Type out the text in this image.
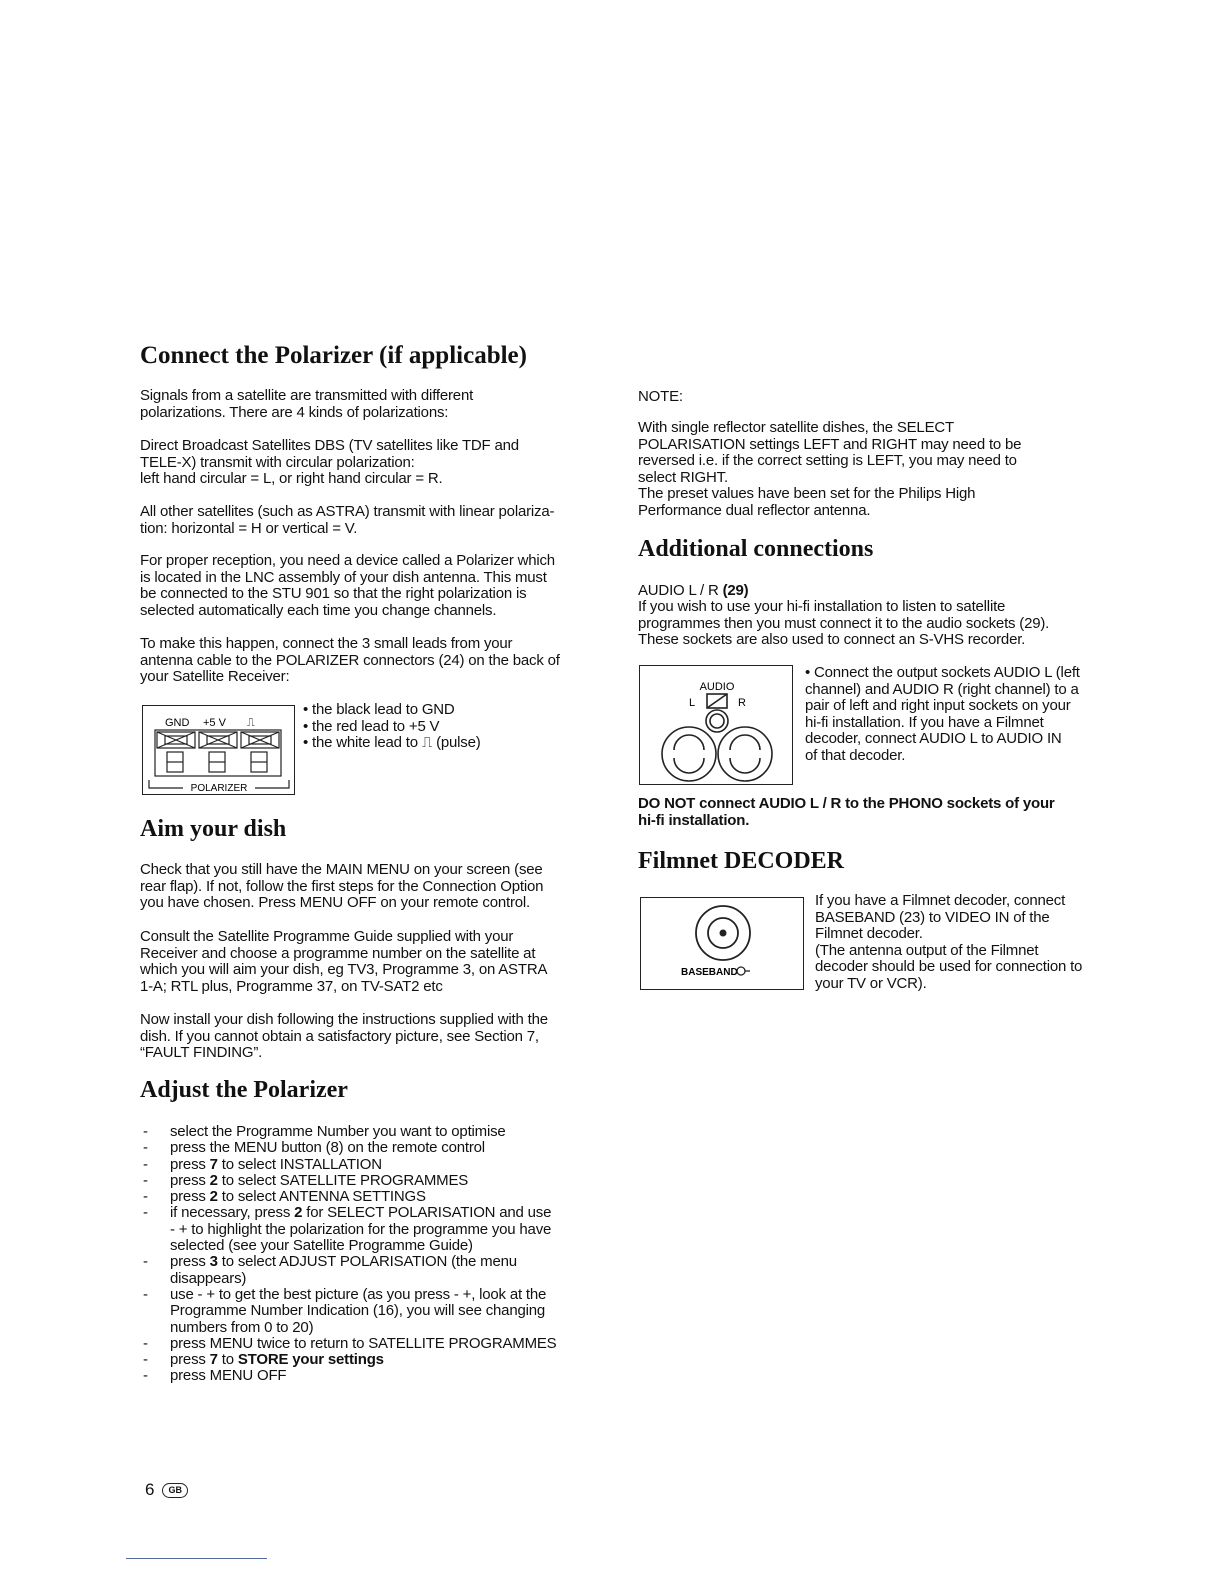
Connect the Polarizer (if applicable)

Signals from a satellite are transmitted with different
polarizations. There are 4 kinds of polarizations:

Direct Broadcast Satellites DBS (TV satellites like TDF and
TELE-X) transmit with circular polarization:
left hand circular = L, or right hand circular = R.

All other satellites (such as ASTRA) transmit with linear polariza-
tion: horizontal = H or vertical = V.

For proper reception, you need a device called a Polarizer which
is located in the LNC assembly of your dish antenna. This must
be connected to the STU 901 so that the right polarization is
selected automatically each time you change channels.

To make this happen, connect the 3 small leads from your
antenna cable to the POLARIZER connectors (24) on the back of
your Satellite Receiver:

GND +5 V ⎍
POLARIZER
• the black lead to GND
• the red lead to +5 V
• the white lead to ⎍ (pulse)
Aim your dish

Check that you still have the MAIN MENU on your screen (see
rear flap). If not, follow the first steps for the Connection Option
you have chosen. Press MENU OFF on your remote control.

Consult the Satellite Programme Guide supplied with your
Receiver and choose a programme number on the satellite at
which you will aim your dish, eg TV3, Programme 3, on ASTRA
1-A; RTL plus, Programme 37, on TV-SAT2 etc

Now install your dish following the instructions supplied with the
dish. If you cannot obtain a satisfactory picture, see Section 7,
“FAULT FINDING”.

Adjust the Polarizer
- select the Programme Number you want to optimise
- press the MENU button (8) on the remote control
- press 7 to select INSTALLATION
- press 2 to select SATELLITE PROGRAMMES
- press 2 to select ANTENNA SETTINGS
- if necessary, press 2 for SELECT POLARISATION and use
- + to highlight the polarization for the programme you have
selected (see your Satellite Programme Guide)
- press 3 to select ADJUST POLARISATION (the menu
disappears)
- use - + to get the best picture (as you press - +, look at the
Programme Number Indication (16), you will see changing
numbers from 0 to 20)
- press MENU twice to return to SATELLITE PROGRAMMES
- press 7 to STORE your settings
- press MENU OFF

NOTE:

With single reflector satellite dishes, the SELECT
POLARISATION settings LEFT and RIGHT may need to be
reversed i.e. if the correct setting is LEFT, you may need to
select RIGHT.
The preset values have been set for the Philips High
Performance dual reflector antenna.

Additional connections

AUDIO L / R (29)

If you wish to use your hi-fi installation to listen to satellite
programmes then you must connect it to the audio sockets (29).
These sockets are also used to connect an S-VHS recorder.

AUDIO
L	R

• Connect the output sockets AUDIO L (left
channel) and AUDIO R (right channel) to a
pair of left and right input sockets on your
hi-fi installation. If you have a Filmnet
decoder, connect AUDIO L to AUDIO IN
of that decoder.

DO NOT connect AUDIO L / R to the PHONO sockets of your
hi-fi installation.

Filmnet DECODER
BASEBAND

If you have a Filmnet decoder, connect
BASEBAND (23) to VIDEO IN of the
Filmnet decoder.
(The antenna output of the Filmnet
decoder should be used for connection to
your TV or VCR).

6	GB
